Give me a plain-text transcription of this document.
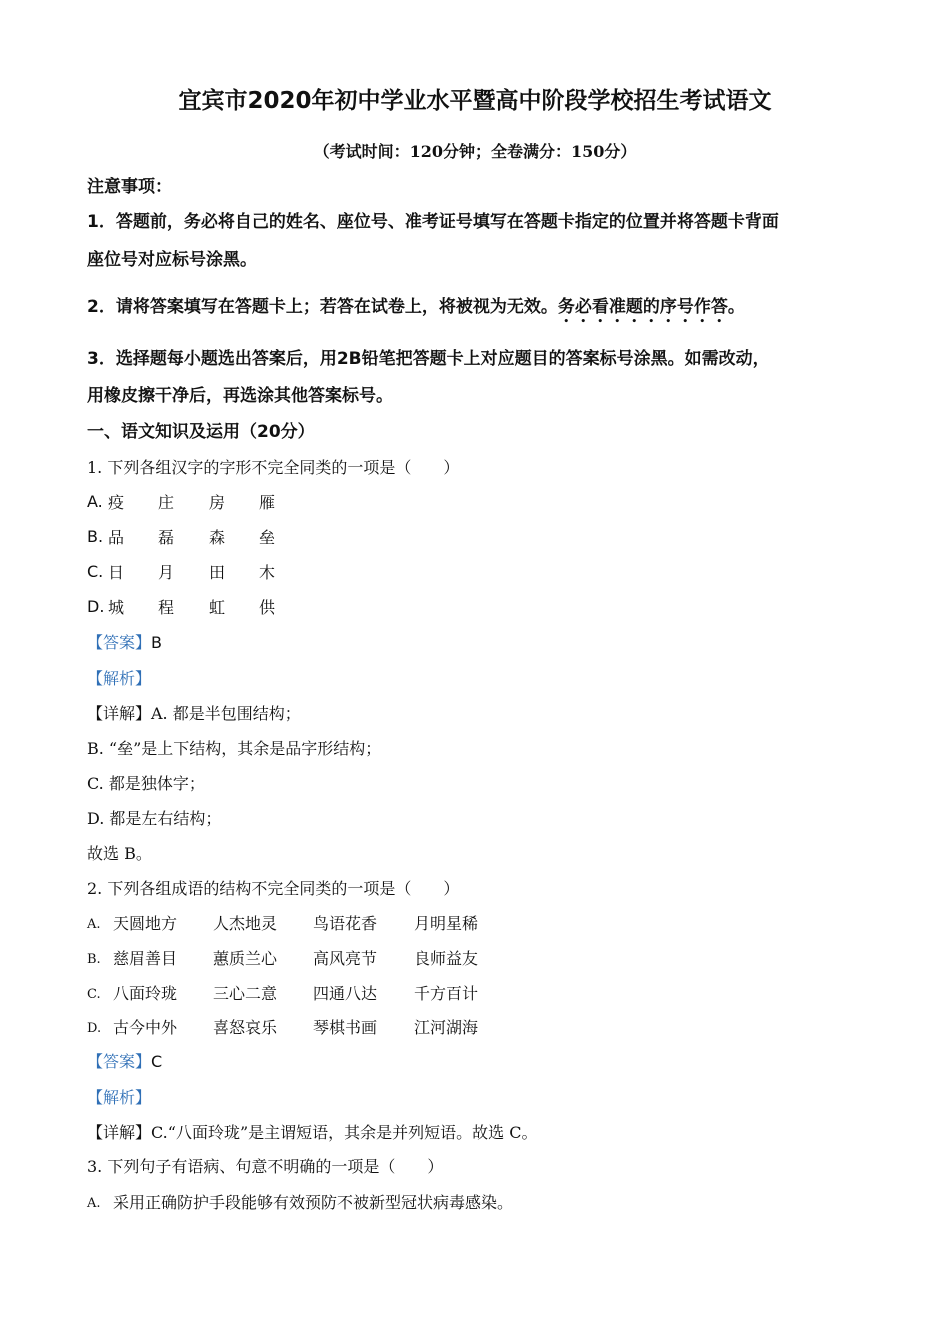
宜宾市2020年初中学业水平暨高中阶段学校招生考试语文
（考试时间：120分钟；全卷满分：150分）
注意事项：
1．答题前，务必将自己的姓名、座位号、准考证号填写在答题卡指定的位置并将答题卡背面
座位号对应标号涂黑。
2．请将答案填写在答题卡上；若答在试卷上，将被视为无效。务必看准题的序号作答。
3．选择题每小题选出答案后，用2B铅笔把答题卡上对应题目的答案标号涂黑。如需改动，
用橡皮擦干净后，再选涂其他答案标号。
一、语文知识及运用（20分）
1. 下列各组汉字的字形不完全同类的一项是（　　）
A. 疫 庄 房 雁
B. 品 磊 森 垒
C. 日 月 田 木
D. 城 程 虹 供
【答案】B
【解析】
【详解】A. 都是半包围结构；
B. “垒”是上下结构，其余是品字形结构；
C. 都是独体字；
D. 都是左右结构；
故选 B。
2. 下列各组成语的结构不完全同类的一项是（　　）
A. 天圆地方 人杰地灵 鸟语花香 月明星稀
B. 慈眉善目 蕙质兰心 高风亮节 良师益友
C. 八面玲珑 三心二意 四通八达 千方百计
D. 古今中外 喜怒哀乐 琴棋书画 江河湖海
【答案】C
【解析】
【详解】C.“八面玲珑”是主谓短语，其余是并列短语。故选 C。
3. 下列句子有语病、句意不明确的一项是（　　）
A. 采用正确防护手段能够有效预防不被新型冠状病毒感染。
